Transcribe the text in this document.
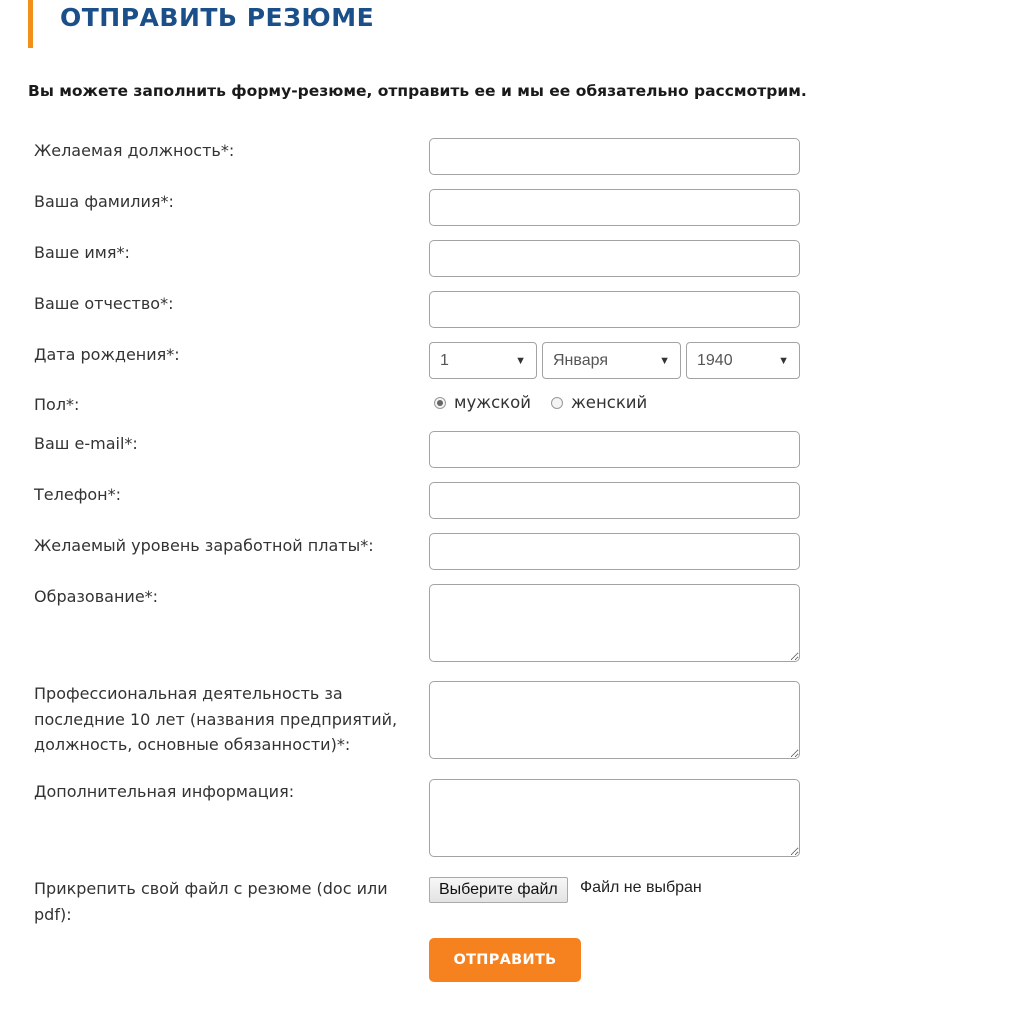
ОТПРАВИТЬ РЕЗЮМЕ

Вы можете заполнить форму-резюме, отправить ее и мы ее обязательно рассмотрим.

Желаемая должность*:
Ваша фамилия*:
Ваше имя*:
Ваше отчество*:
Дата рождения*:	1	▼ Января	▼ 1940	▼
Пол*:	мужской женский
Ваш e-mail*:
Телефон*:
Желаемый уровень заработной платы*:
Образование*:
Профессиональная деятельность за последние 10 лет (названия предприятий, должность, основные обязанности)*:
Дополнительная информация:
Прикрепить свой файл с резюме (doc или pdf):
Выберите файл	Файл не выбран
ОТПРАВИТЬ
